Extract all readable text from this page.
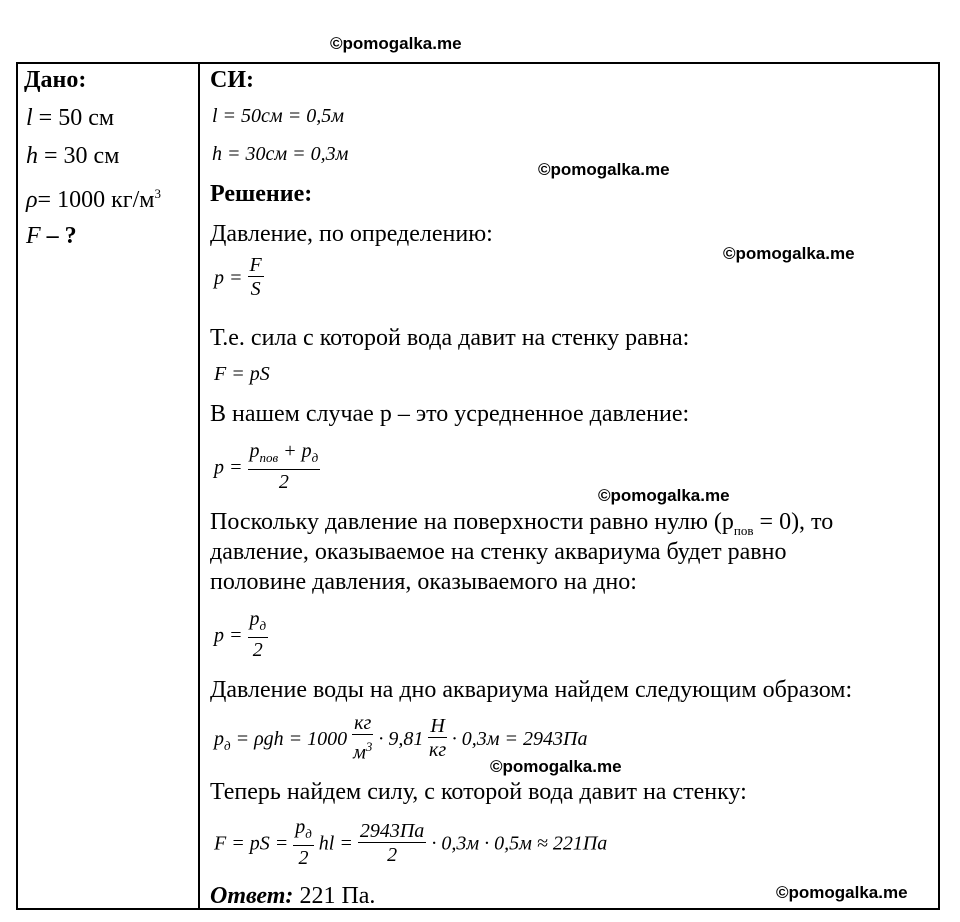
©pomogalka.me
©pomogalka.me
©pomogalka.me
©pomogalka.me
©pomogalka.me
©pomogalka.me
Дано:
l = 50 см
h = 30 см
ρ= 1000 $кг/м^3$
F – ?
СИ:
l = 50см = 0,5м
h = 30см = 0,3м
Решение:
Давление, по определению:
$p = \frac{F}{S}$
Т.е. сила с которой вода давит на стенку равна:
F = pS
В нашем случае p – это усредненное давление:
$p = \frac{p_{пов} + p_д}{2}$
Поскольку давление на поверхности равно нулю $(p_{пов} = 0)$, то
давление, оказываемое на стенку аквариума будет равно
половине давления, оказываемого на дно:
$p = \frac{p_д}{2}$
Давление воды на дно аквариума найдем следующим образом:
$p_д = \rho gh = 1000 \frac{кг}{м^3} \cdot 9,81 \frac{Н}{кг} \cdot 0,3м = 2943Па$
Теперь найдем силу, с которой вода давит на стенку:
F = pS = $\frac{p_д}{2}$ hl = $\frac{2943Па}{2} \cdot 0,3м \cdot 0,5м \approx 221Па$
Ответ: 221 Па.
